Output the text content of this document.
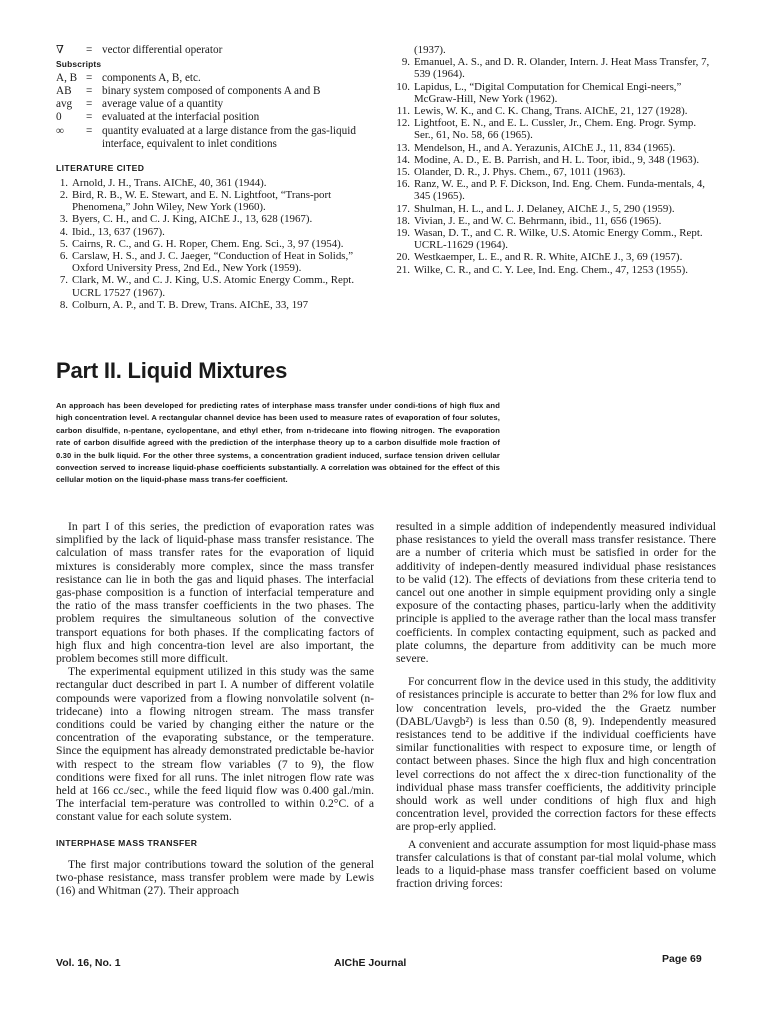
∇	= vector differential operator
Subscripts
A, B = components A, B, etc.
AB	= binary system composed of components A and B
avg	= average value of a quantity
0	= evaluated at the interfacial position
∞	= quantity evaluated at a large distance from the gas-liquid interface, equivalent to inlet conditions
LITERATURE CITED
1. Arnold, J. H., Trans. AIChE, 40, 361 (1944).
2. Bird, R. B., W. E. Stewart, and E. N. Lightfoot, “Trans-port Phenomena,” John Wiley, New York (1960).
3. Byers, C. H., and C. J. King, AIChE J., 13, 628 (1967).
4. Ibid., 13, 637 (1967).
5. Cairns, R. C., and G. H. Roper, Chem. Eng. Sci., 3, 97 (1954).
6. Carslaw, H. S., and J. C. Jaeger, “Conduction of Heat in Solids,” Oxford University Press, 2nd Ed., New York (1959).
7. Clark, M. W., and C. J. King, U.S. Atomic Energy Comm., Rept. UCRL 17527 (1967).
8. Colburn, A. P., and T. B. Drew, Trans. AIChE, 33, 197
(1937).
9. Emanuel, A. S., and D. R. Olander, Intern. J. Heat Mass Transfer, 7, 539 (1964).
10. Lapidus, L., “Digital Computation for Chemical Engi-neers,” McGraw-Hill, New York (1962).
11. Lewis, W. K., and C. K. Chang, Trans. AIChE, 21, 127 (1928).
12. Lightfoot, E. N., and E. L. Cussler, Jr., Chem. Eng. Progr. Symp. Ser., 61, No. 58, 66 (1965).
13. Mendelson, H., and A. Yerazunis, AIChE J., 11, 834 (1965).
14. Modine, A. D., E. B. Parrish, and H. L. Toor, ibid., 9, 348 (1963).
15. Olander, D. R., J. Phys. Chem., 67, 1011 (1963).
16. Ranz, W. E., and P. F. Dickson, Ind. Eng. Chem. Funda-mentals, 4, 345 (1965).
17. Shulman, H. L., and L. J. Delaney, AIChE J., 5, 290 (1959).
18. Vivian, J. E., and W. C. Behrmann, ibid., 11, 656 (1965).
19. Wasan, D. T., and C. R. Wilke, U.S. Atomic Energy Comm., Rept. UCRL-11629 (1964).
20. Westkaemper, L. E., and R. R. White, AIChE J., 3, 69 (1957).
21. Wilke, C. R., and C. Y. Lee, Ind. Eng. Chem., 47, 1253 (1955).
Part II. Liquid Mixtures

An approach has been developed for predicting rates of interphase mass transfer under condi-tions of high flux and high concentration level. A rectangular channel device has been used to measure rates of evaporation of four solutes, carbon disulfide, n-pentane, cyclopentane, and ethyl ether, from n-tridecane into flowing nitrogen. The evaporation rate of carbon disulfide agreed with the prediction of the interphase theory up to a carbon disulfide mole fraction of 0.30 in the bulk liquid. For the other three systems, a concentration gradient induced, surface tension driven cellular convection served to increase liquid-phase coefficients substantially. A correlation was obtained for the effect of this cellular motion on the liquid-phase mass trans-fer coefficient.

In part I of this series, the prediction of evaporation rates was simplified by the lack of liquid-phase mass transfer resistance. The calculation of mass transfer rates for the evaporation of liquid mixtures is considerably more complex, since the mass transfer resistance can lie in both the gas and liquid phases. The interfacial gas-phase composition is a function of interfacial temperature and the ratio of the mass transfer coefficients in the two phases. The problem requires the simultaneous solution of the convective transport equations for both phases. If the complicating factors of high flux and high concentra-tion level are also important, the problem becomes still more difficult.

The experimental equipment utilized in this study was the same rectangular duct described in part I. A number of different volatile compounds were vaporized from a flowing nonvolatile solvent (n-tridecane) into a flowing nitrogen stream. The mass transfer conditions could be varied by changing either the nature or the concentration of the evaporating substance, or the temperature. Since the equipment has already demonstrated predictable be-havior with respect to the stream flow variables (7 to 9), the flow conditions were fixed for all runs. The inlet nitrogen flow rate was held at 166 cc./sec., while the feed liquid flow was 0.400 gal./min. The interfacial tem-perature was controlled to within 0.2°C. of a constant value for each solute system.

INTERPHASE MASS TRANSFER

The first major contributions toward the solution of the general two-phase resistance, mass transfer problem were made by Lewis (16) and Whitman (27). Their approach

resulted in a simple addition of independently measured individual phase resistances to yield the overall mass transfer resistance. There are a number of criteria which must be satisfied in order for the additivity of indepen-dently measured individual phase resistances to be valid (12). The effects of deviations from these criteria tend to cancel out one another in simple equipment providing only a single exposure of the contacting phases, particu-larly when the additivity principle is applied to the average rather than the local mass transfer coefficients. In complex contacting equipment, such as packed and plate columns, the departure from additivity can be much more severe.

For concurrent flow in the device used in this study, the additivity of resistances principle is accurate to better than 2% for low flux and low concentration levels, pro-vided the the Graetz number (DABL/Uavgb²) is less than 0.50 (8, 9). Independently measured resistances tend to be additive if the individual coefficients have similar functionalities with respect to exposure time, or length of contact between phases. Since the high flux and high concentration level corrections do not affect the x direc-tion functionality of the individual phase mass transfer coefficients, the additivity principle should work as well under conditions of high flux and high concentration level, provided the correction factors for these effects are prop-erly applied.

A convenient and accurate assumption for most liquid-phase mass transfer calculations is that of constant par-tial molal volume, which leads to a liquid-phase mass transfer coefficient based on volume fraction driving forces:

Vol. 16, No. 1	AIChE Journal	Page 69
